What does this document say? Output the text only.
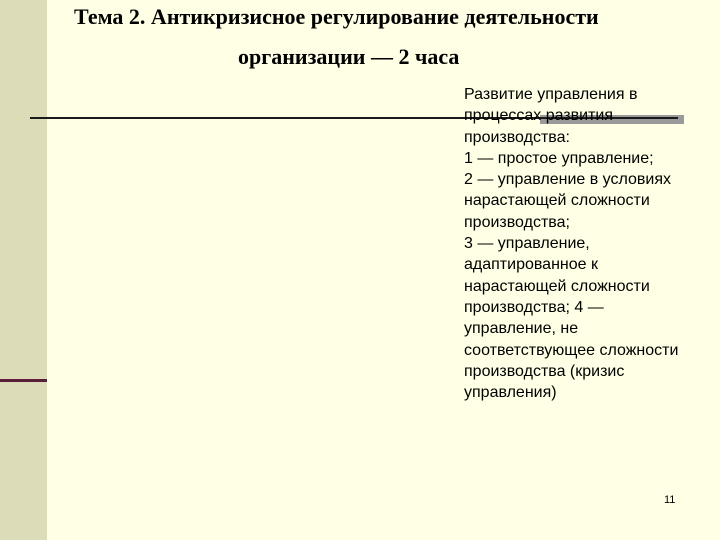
Тема 2. Антикризисное регулирование деятельности
организации — 2 часа
Развитие управления в процессах развития производства:
1 — простое управление;
2 — управление в условиях нарастающей сложности производства;
3 — управление, адаптированное к нарастающей сложности производства; 4 — управление, не соответствующее сложности производства (кризис управления)
11
